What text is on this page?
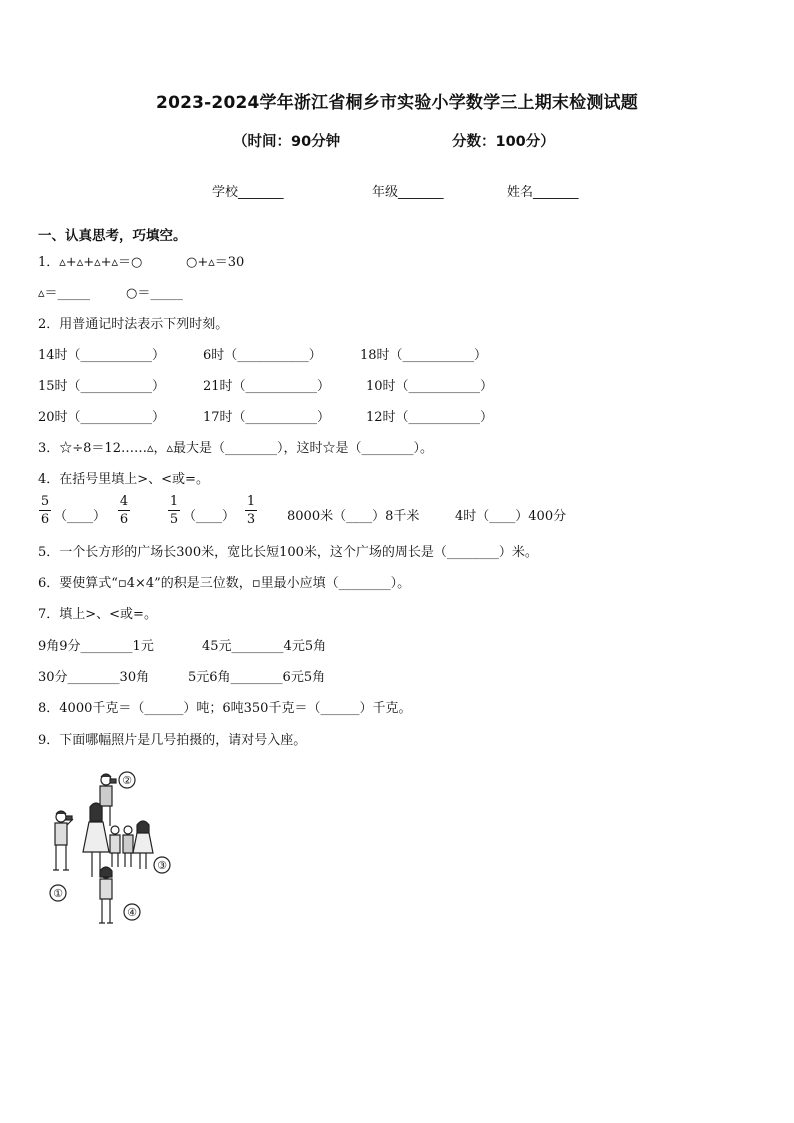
2023-2024学年浙江省桐乡市实验小学数学三上期末检测试题
（时间：90分钟	分数：100分）
学校_______	年级_______	姓名_______
一、认真思考，巧填空。
1．▵+▵+▵+▵＝○	○+▵＝30
▵＝_____	○＝_____
2．用普通记时法表示下列时刻。
14时（___________）	6时（___________）	18时（___________）
15时（___________）	21时（___________）	10时（___________）
20时（___________）	17时（___________）	12时（___________）
3．☆÷8＝12……▵，▵最大是（________），这时☆是（________）。
4．在括号里填上>、<或=。
5
6 （____）
4
6
1
5 （____）
1
3 8000米（____）8千米	4时（____）400分
5．一个长方形的广场长300米，宽比长短100米，这个广场的周长是（________）米。
6．要使算式“▫4×4”的积是三位数，▫里最小应填（________）。
7．填上>、<或=。
9角9分________1元	45元________4元5角
30分________30角	5元6角________6元5角
8．4000千克＝（______）吨；6吨350千克＝（______）千克。
9．下面哪幅照片是几号拍摄的，请对号入座。
①
②
③
④
